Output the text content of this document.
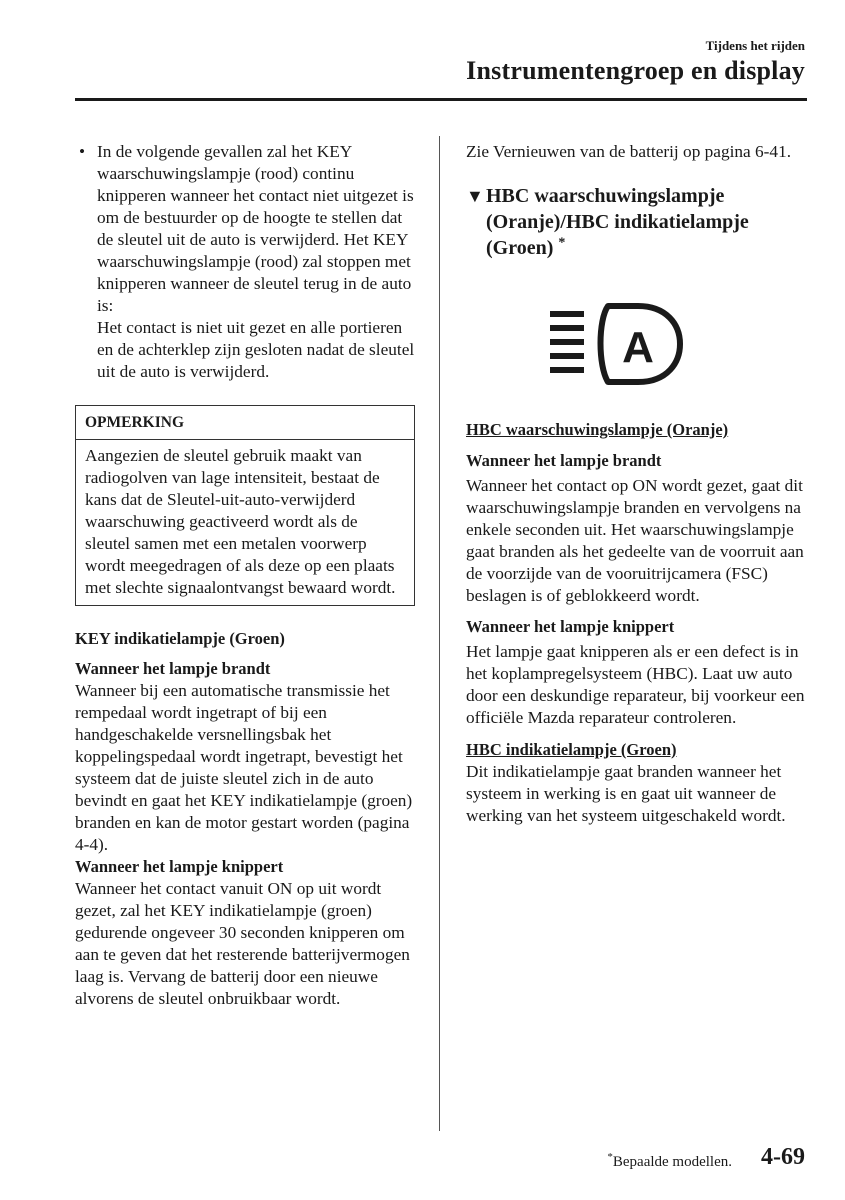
Tijdens het rijden
Instrumentengroep en display
• In de volgende gevallen zal het KEY waarschuwingslampje (rood) continu knipperen wanneer het contact niet uitgezet is om de bestuurder op de hoogte te stellen dat de sleutel uit de auto is verwijderd. Het KEY waarschuwingslampje (rood) zal stoppen met knipperen wanneer de sleutel terug in de auto is:

Het contact is niet uit gezet en alle portieren en de achterklep zijn gesloten nadat de sleutel uit de auto is verwijderd.

OPMERKING
Aangezien de sleutel gebruik maakt van radiogolven van lage intensiteit, bestaat de kans dat de Sleutel-uit-auto-verwijderd waarschuwing geactiveerd wordt als de sleutel samen met een metalen voorwerp wordt meegedragen of als deze op een plaats met slechte signaalontvangst bewaard wordt.
KEY indikatielampje (Groen)
Wanneer het lampje brandt

Wanneer bij een automatische transmissie het rempedaal wordt ingetrapt of bij een handgeschakelde versnellingsbak het koppelingspedaal wordt ingetrapt, bevestigt het systeem dat de juiste sleutel zich in de auto bevindt en gaat het KEY indikatielampje (groen) branden en kan de motor gestart worden (pagina 4-4).

Wanneer het lampje knippert

Wanneer het contact vanuit ON op uit wordt gezet, zal het KEY indikatielampje (groen) gedurende ongeveer 30 seconden knipperen om aan te geven dat het resterende batterijvermogen laag is. Vervang de batterij door een nieuwe alvorens de sleutel onbruikbaar wordt.

Zie Vernieuwen van de batterij op pagina 6-41.

▼ HBC waarschuwingslampje (Oranje)/HBC indikatielampje (Groen) *
A
HBC waarschuwingslampje (Oranje)
Wanneer het lampje brandt

Wanneer het contact op ON wordt gezet, gaat dit waarschuwingslampje branden en vervolgens na enkele seconden uit. Het waarschuwingslampje gaat branden als het gedeelte van de voorruit aan de voorzijde van de vooruitrijcamera (FSC) beslagen is of geblokkeerd wordt.

Wanneer het lampje knippert

Het lampje gaat knipperen als er een defect is in het koplampregelsysteem (HBC). Laat uw auto door een deskundige reparateur, bij voorkeur een officiële Mazda reparateur controleren.

HBC indikatielampje (Groen)

Dit indikatielampje gaat branden wanneer het systeem in werking is en gaat uit wanneer de werking van het systeem uitgeschakeld wordt.

*Bepaalde modellen. 4-69
